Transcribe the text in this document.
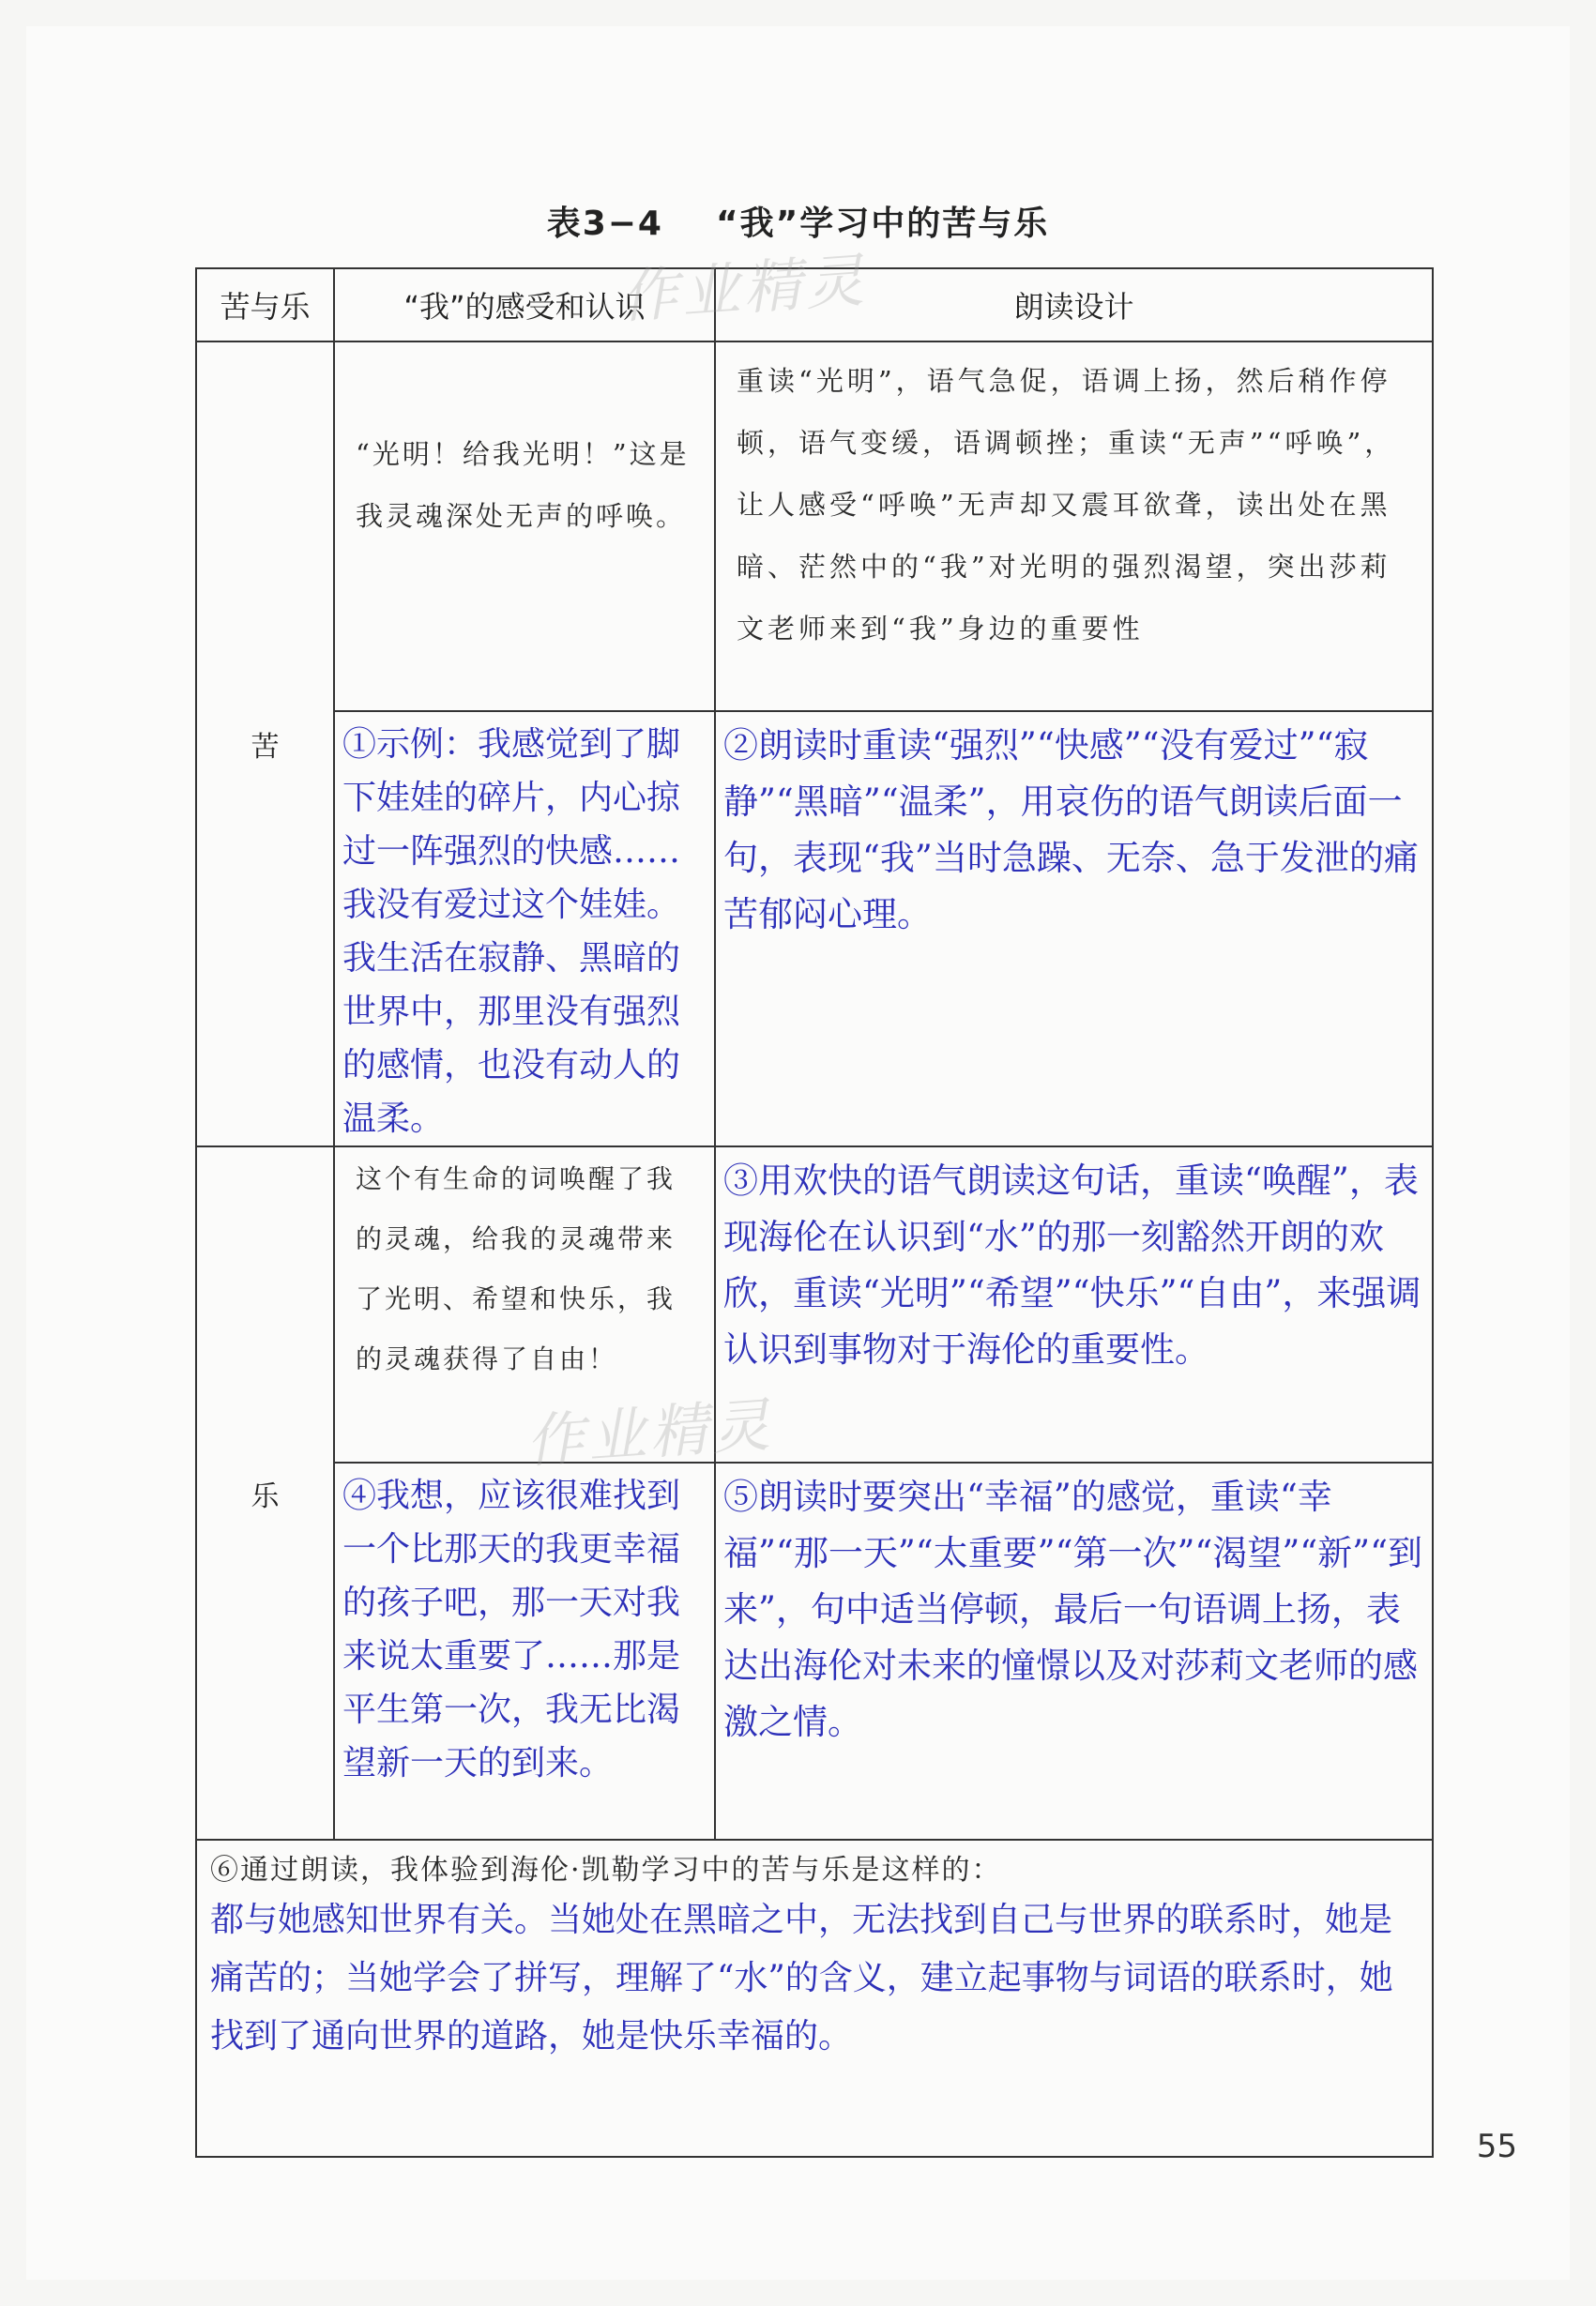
表3−4 “我”学习中的苦与乐
苦与乐	“我”的感受和认识	朗读设计
苦	“光明！给我光明！”这是我灵魂深处无声的呼唤。	重读“光明”，语气急促，语调上扬，然后稍作停顿，语气变缓，语调顿挫；重读“无声”“呼唤”，让人感受“呼唤”无声却又震耳欲聋，读出处在黑暗、茫然中的“我”对光明的强烈渴望，突出莎莉文老师来到“我”身边的重要性

	①示例：我感觉到了脚下娃娃的碎片，内心掠过一阵强烈的快感……我没有爱过这个娃娃。我生活在寂静、黑暗的世界中，那里没有强烈的感情，也没有动人的温柔。	②朗读时重读“强烈”“快感”“没有爱过”“寂静”“黑暗”“温柔”，用哀伤的语气朗读后面一句，表现“我”当时急躁、无奈、急于发泄的痛苦郁闷心理。

乐	这个有生命的词唤醒了我的灵魂，给我的灵魂带来了光明、希望和快乐，我的灵魂获得了自由！	③用欢快的语气朗读这句话，重读“唤醒”，表现海伦在认识到“水”的那一刻豁然开朗的欢欣，重读“光明”“希望”“快乐”“自由”，来强调认识到事物对于海伦的重要性。

	④我想，应该很难找到一个比那天的我更幸福的孩子吧，那一天对我来说太重要了……那是平生第一次，我无比渴望新一天的到来。	⑤朗读时要突出“幸福”的感觉，重读“幸福”“那一天”“太重要”“第一次”“渴望”“新”“到来”，句中适当停顿，最后一句语调上扬，表达出海伦对未来的憧憬以及对莎莉文老师的感激之情。

⑥通过朗读，我体验到海伦·凯勒学习中的苦与乐是这样的：
都与她感知世界有关。当她处在黑暗之中，无法找到自己与世界的联系时，她是痛苦的；当她学会了拼写，理解了“水”的含义，建立起事物与词语的联系时，她找到了通向世界的道路，她是快乐幸福的。		
作业精灵
作业精灵
55
